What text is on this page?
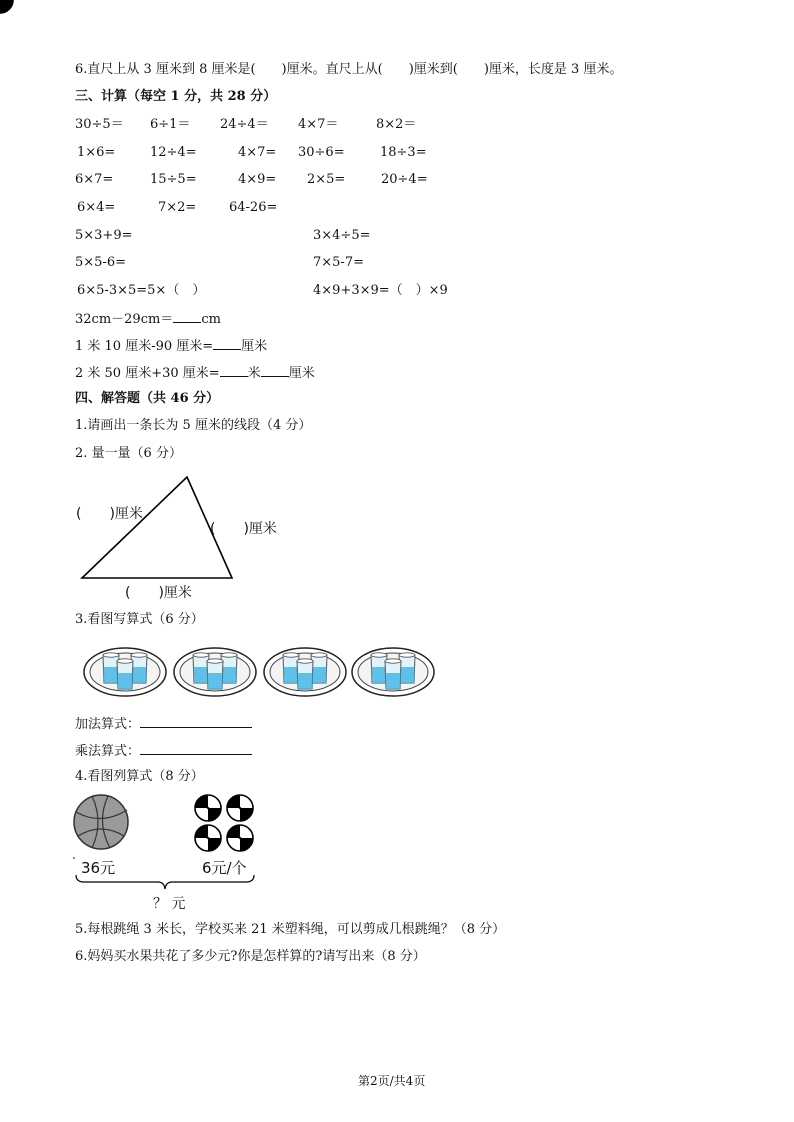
6.直尺上从 3 厘米到 8 厘米是(　　)厘米。直尺上从(　　)厘米到(　　)厘米，长度是 3 厘米。
三、计算（每空 1 分，共 28 分）
30÷5＝ 6÷1＝ 24÷4＝ 4×7＝	8×2＝
1×6=	12÷4=	4×7= 30÷6=	18÷3=
6×7=	15÷5=	4×9= 2×5=	20÷4=
6×4=	7×2=	64-26=
5×3+9=	3×4÷5=
5×5-6=	7×5-7=
6×5-3×5=5×（　）	4×9+3×9=（　）×9
32cm－29cm＝ cm
1 米 10 厘米-90 厘米= 厘米
2 米 50 厘米+30 厘米= 米 厘米
四、解答题（共 46 分）
1.请画出一条长为 5 厘米的线段（4 分）
2. 量一量（6 分）
(　　)厘米
(　　)厘米
(　　)厘米
3.看图写算式（6 分）
加法算式：
乘法算式：
4.看图列算式（8 分）
36元	6元/个
？ 元
5.每根跳绳 3 米长，学校买来 21 米塑料绳，可以剪成几根跳绳？（8 分）
6.妈妈买水果共花了多少元?你是怎样算的?请写出来（8 分）
第2页/共4页
